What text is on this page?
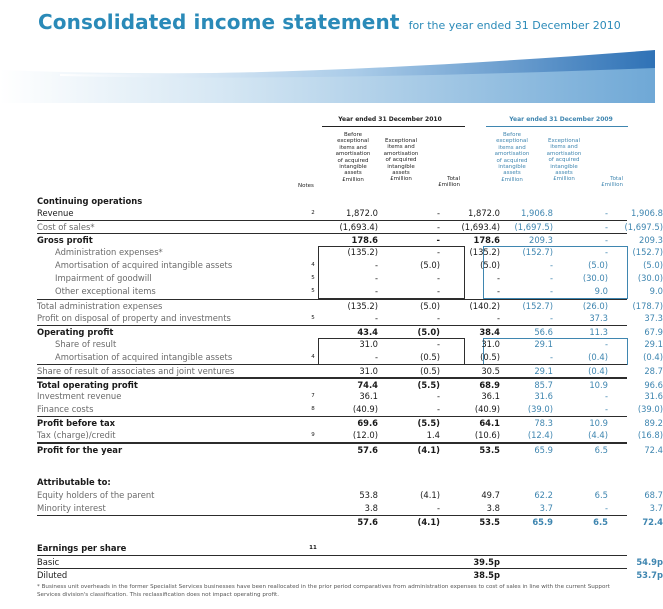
Consolidated income statement for the year ended 31 December 2010
Year ended 31 December 2010	Year ended 31 December 2009
Notes
Before
exceptional
items and
amortisation
of acquired
intangible
assets
£million
Exceptional
items and
amortisation
of acquired
intangible
assets
£million	Total
£million
Before
exceptional
items and
amortisation
of acquired
intangible
assets
£million
Exceptional
items and
amortisation
of acquired
intangible
assets
£million	Total
£million
Continuing operations
Revenue	2	1,872.0	-	1,872.0	1,906.8	-	1,906.8
Cost of sales*	(1,693.4)	-	(1,693.4)	(1,697.5)	-	(1,697.5)
Gross profit	178.6	-	178.6	209.3	-	209.3
Administration expenses*	(135.2)	-	(135.2)	(152.7)	-	(152.7)
Amortisation of acquired intangible assets	4	-	(5.0)	(5.0)	-	(5.0)	(5.0)
Impairment of goodwill	5	-	-	-	-	(30.0)	(30.0)
Other exceptional items	5	-	-	-	-	9.0	9.0
Total administration expenses	(135.2)	(5.0)	(140.2)	(152.7)	(26.0)	(178.7)
Profit on disposal of property and investments	5	-	-	-	-	37.3	37.3
Operating profit	43.4	(5.0)	38.4	56.6	11.3	67.9
Share of result	31.0	-	31.0	29.1	-	29.1
Amortisation of acquired intangible assets	4	-	(0.5)	(0.5)	-	(0.4)	(0.4)
Share of result of associates and joint ventures	31.0	(0.5)	30.5	29.1	(0.4)	28.7
Total operating profit	74.4	(5.5)	68.9	85.7	10.9	96.6
Investment revenue	7	36.1	-	36.1	31.6	-	31.6
Finance costs	8	(40.9)	-	(40.9)	(39.0)	-	(39.0)
Profit before tax	69.6	(5.5)	64.1	78.3	10.9	89.2
Tax (charge)/credit	9	(12.0)	1.4	(10.6)	(12.4)	(4.4)	(16.8)
Profit for the year	57.6	(4.1)	53.5	65.9	6.5	72.4
Attributable to:
Equity holders of the parent	53.8	(4.1)	49.7	62.2	6.5	68.7
Minority interest	3.8	-	3.8	3.7	-	3.7
57.6	(4.1)	53.5	65.9	6.5	72.4
Earnings per share	11
Basic	39.5p	54.9p
Diluted	38.5p	53.7p
* Business unit overheads in the former Specialist Services businesses have been reallocated in the prior period comparatives from administration expenses to cost of sales in line with the current Support Services division's classification. This reclassification does not impact operating profit.
